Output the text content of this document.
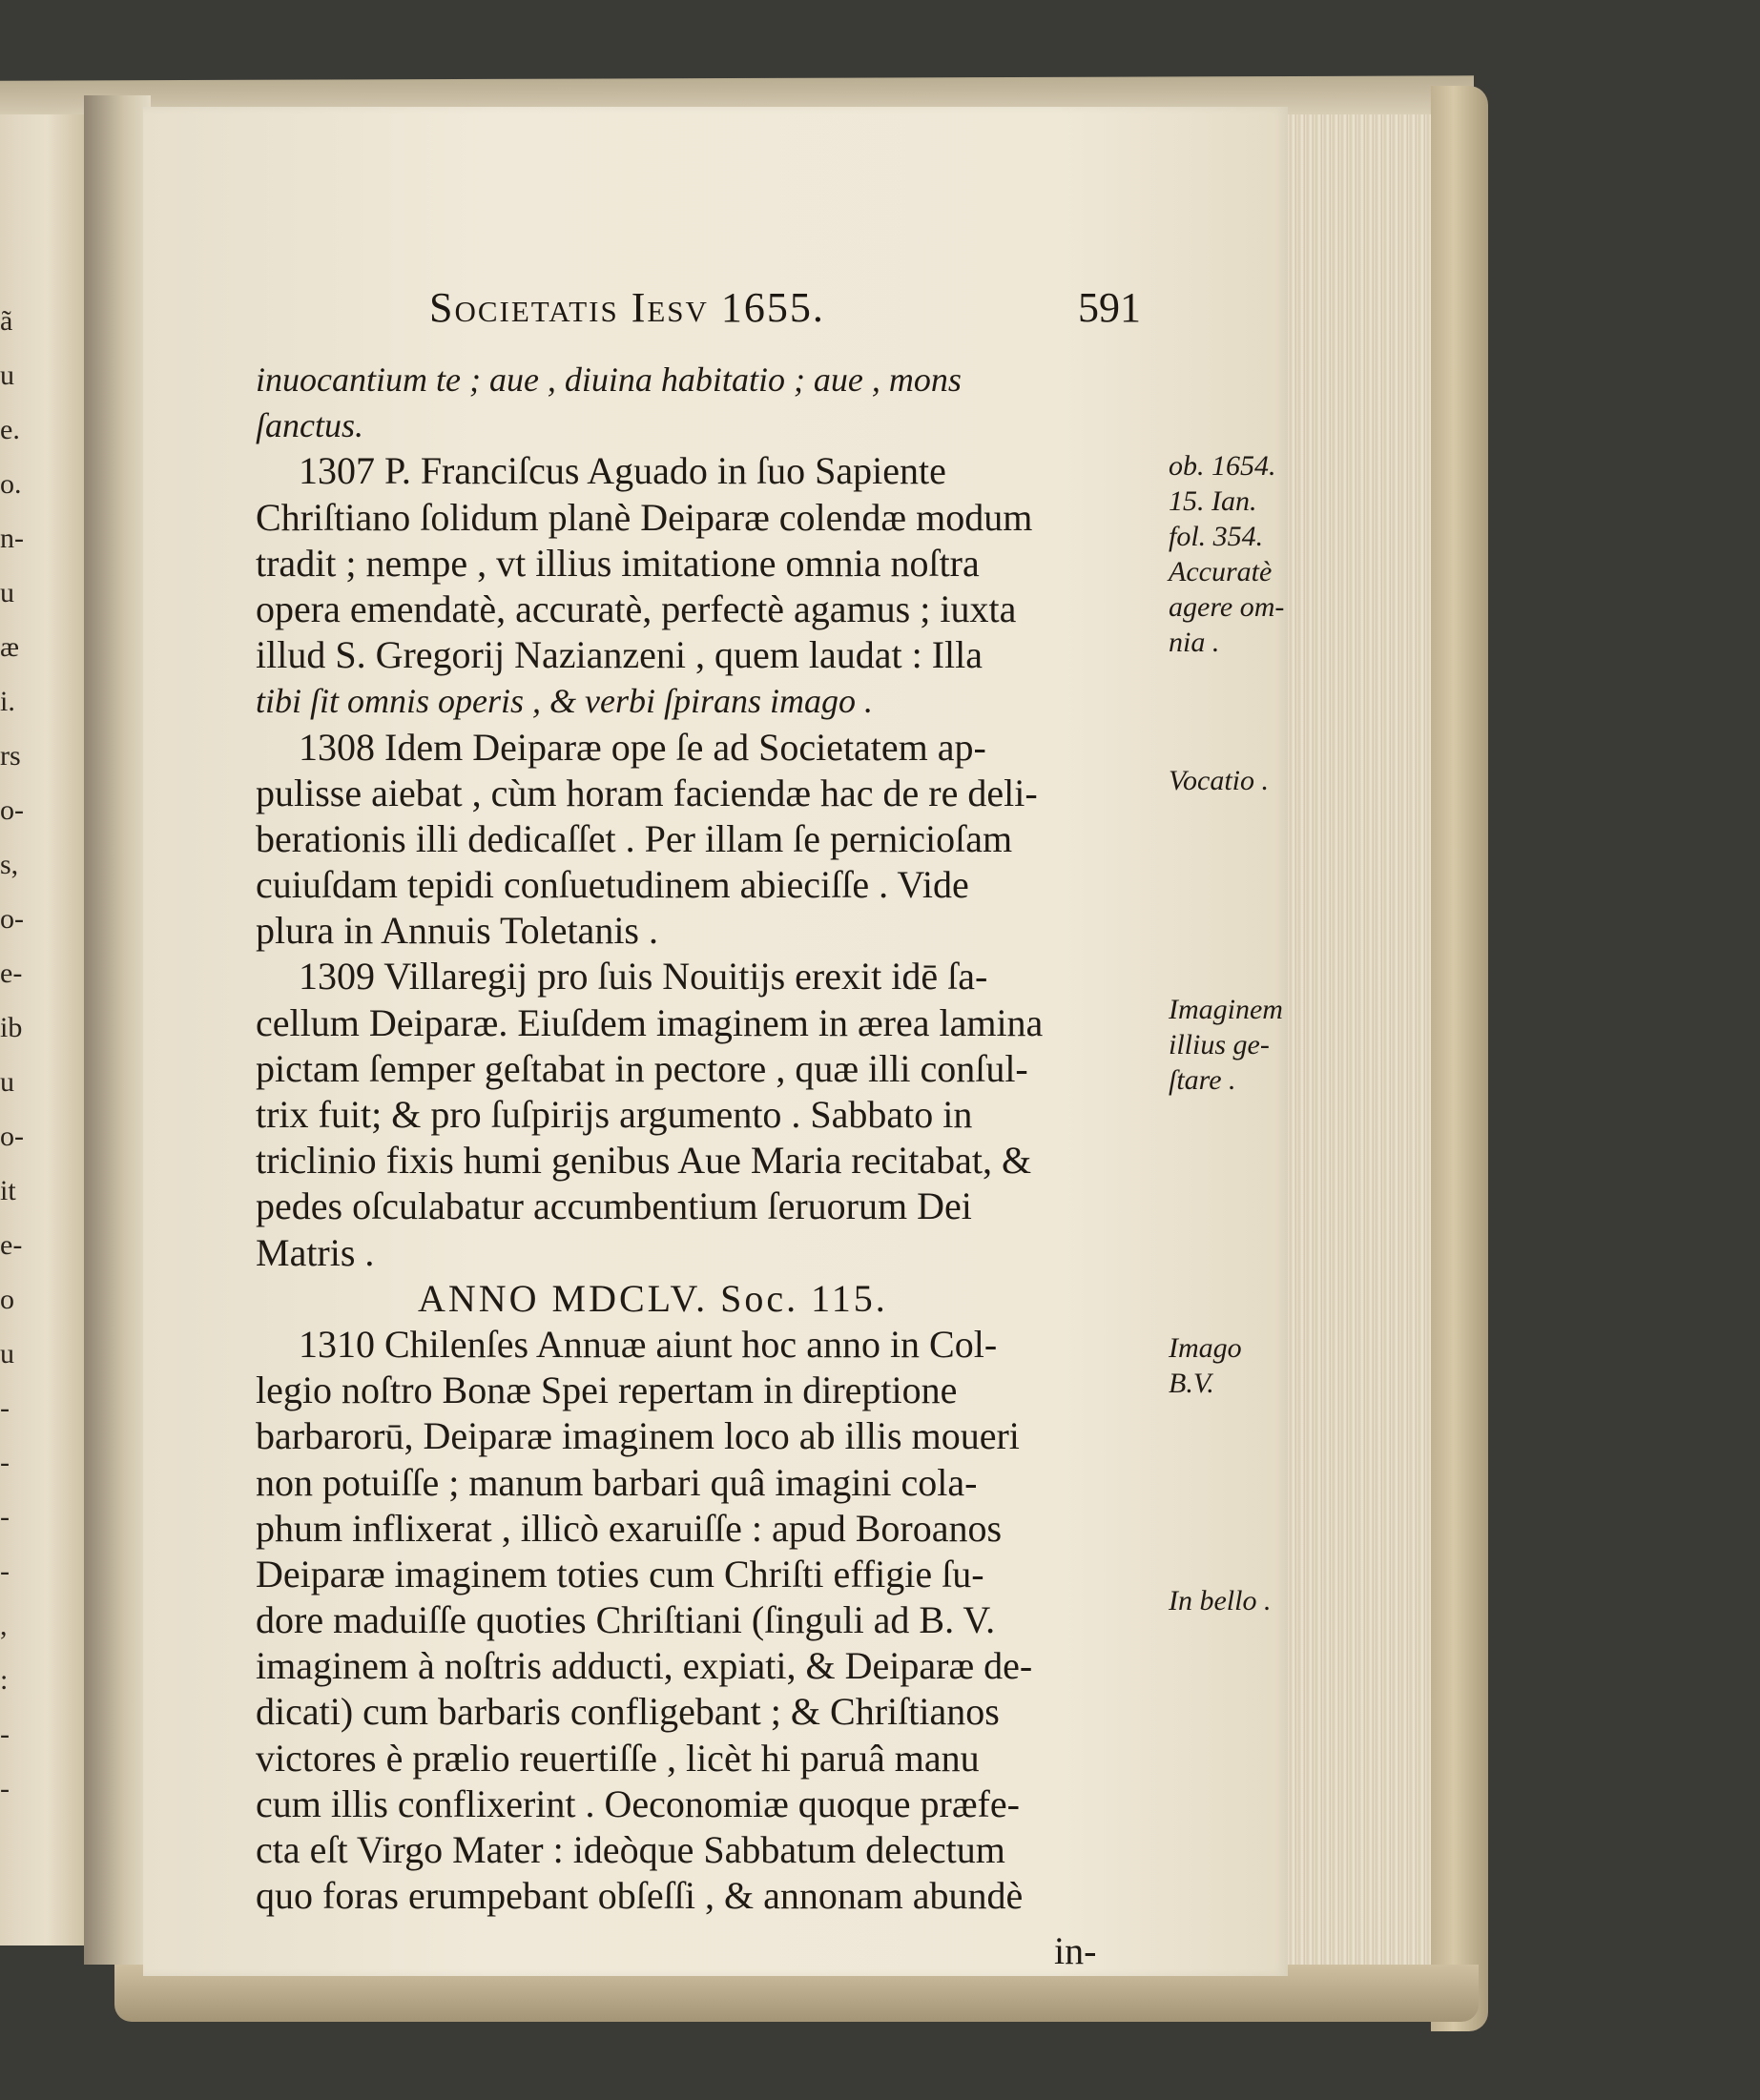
ã
u
e.
o.
n-
u
æ
i.
rs
o-
s,
o-
e-
ib
u
o-
it
e-
o
u
-
-
-
-
,
:
-
-
Societatis Iesv 1655.	591
inuocantium te ; aue , diuina habitatio ; aue , mons
ſanctus.
1307 P. Franciſcus Aguado in ſuo Sapiente
Chriſtiano ſolidum planè Deiparæ colendæ modum
tradit ; nempe , vt illius imitatione omnia noſtra
opera emendatè, accuratè, perfectè agamus ; iuxta
illud S. Gregorij Nazianzeni , quem laudat : Illa
tibi ſit omnis operis , & verbi ſpirans imago .
1308 Idem Deiparæ ope ſe ad Societatem ap-
pulisse aiebat , cùm horam faciendæ hac de re deli-
berationis illi dedicaſſet . Per illam ſe pernicioſam
cuiuſdam tepidi conſuetudinem abieciſſe . Vide
plura in Annuis Toletanis .
1309 Villaregij pro ſuis Nouitijs erexit idē ſa-
cellum Deiparæ. Eiuſdem imaginem in ærea lamina
pictam ſemper geſtabat in pectore , quæ illi conſul-
trix fuit; & pro ſuſpirijs argumento . Sabbato in
triclinio fixis humi genibus Aue Maria recitabat, &
pedes oſculabatur accumbentium ſeruorum Dei
Matris .
ANNO MDCLV. Soc. 115.
1310 Chilenſes Annuæ aiunt hoc anno in Col-
legio noſtro Bonæ Spei repertam in direptione
barbarorū, Deiparæ imaginem loco ab illis moueri
non potuiſſe ; manum barbari quâ imagini cola-
phum inflixerat , illicò exaruiſſe : apud Boroanos
Deiparæ imaginem toties cum Chriſti effigie ſu-
dore maduiſſe quoties Chriſtiani (ſinguli ad B. V.
imaginem à noſtris adducti, expiati, & Deiparæ de-
dicati) cum barbaris confligebant ; & Chriſtianos
victores è prælio reuertiſſe , licèt hi paruâ manu
cum illis conflixerint . Oeconomiæ quoque præfe-
cta eſt Virgo Mater : ideòque Sabbatum delectum
quo foras erumpebant obſeſſi , & annonam abundè
in-
ob. 1654.
15. Ian.
fol. 354.
Accuratè
agere om-
nia .
Vocatio .
Imaginem
illius ge-
ſtare .
Imago
B.V.
In bello .
